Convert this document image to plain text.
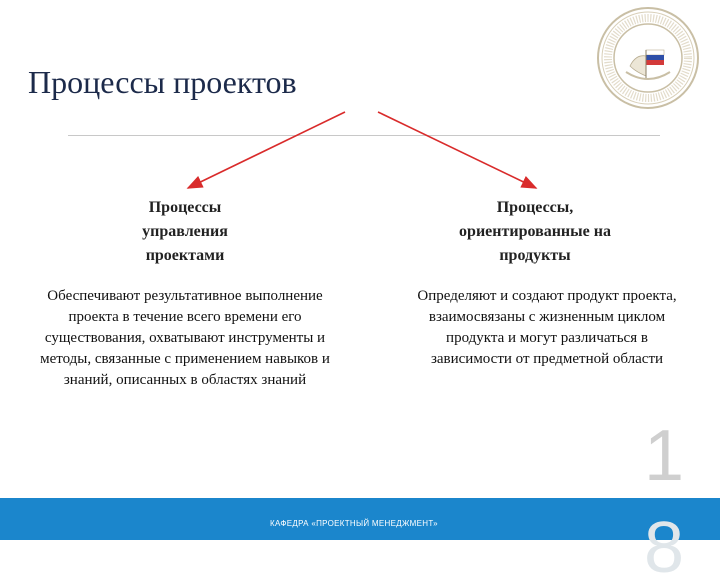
Процессы проектов
Процессы управления проектами
Процессы, ориентированные на продукты
Обеспечивают результативное выполнение проекта в течение всего времени его существования, охватывают инструменты и методы, связанные с применением навыков и знаний, описанных в областях знаний
Определяют и создают продукт проекта, взаимосвязаны с жизненным циклом продукта и могут различаться в зависимости от предметной области
1
8
КАФЕДРА «ПРОЕКТНЫЙ МЕНЕДЖМЕНТ»
